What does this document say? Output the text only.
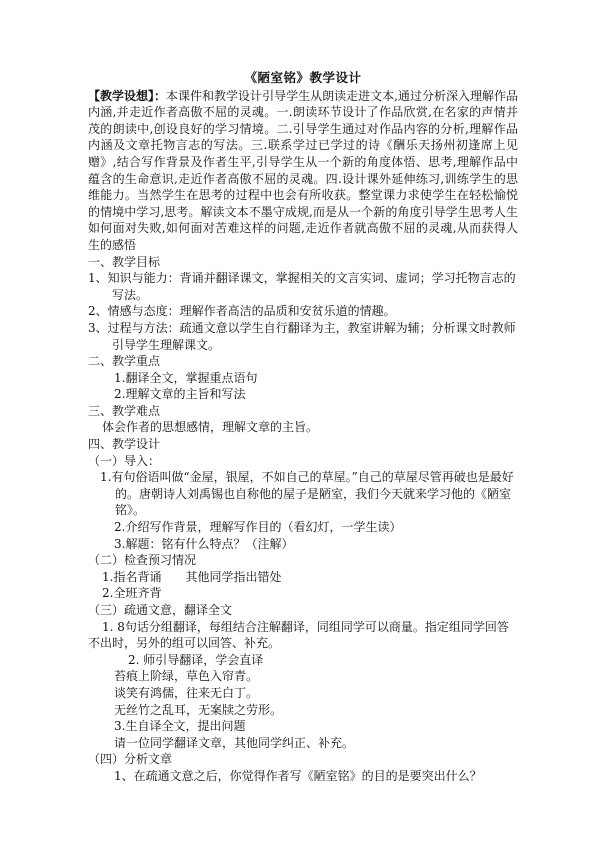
《陋室铭》教学设计
【教学设想】：本课件和教学设计引导学生从朗读走进文本,通过分析深入理解作品内涵,并走近作者高傲不屈的灵魂。一.朗读环节设计了作品欣赏,在名家的声情并茂的朗读中,创设良好的学习情境。二.引导学生通过对作品内容的分析,理解作品内涵及文章托物言志的写法。三.联系学过已学过的诗《酬乐天扬州初逢席上见赠》,结合写作背景及作者生平,引导学生从一个新的角度体悟、思考,理解作品中蕴含的生命意识,走近作者高傲不屈的灵魂。四.设计课外延伸练习,训练学生的思维能力。当然学生在思考的过程中也会有所收获。整堂课力求使学生在轻松愉悦的情境中学习,思考。解读文本不墨守成规,而是从一个新的角度引导学生思考人生如何面对失败,如何面对苦难这样的问题,走近作者就高傲不屈的灵魂,从而获得人生的感悟
一、教学目标
1、知识与能力：背诵并翻译课文，掌握相关的文言实词、虚词；学习托物言志的写法。
2、情感与态度：理解作者高洁的品质和安贫乐道的情趣。
3、过程与方法：疏通文意以学生自行翻译为主，教室讲解为辅；分析课文时教师引导学生理解课文。
二、教学重点
1.翻译全文，掌握重点语句
2.理解文章的主旨和写法
三、教学难点
体会作者的思想感情，理解文章的主旨。
四、教学设计
（一）导入：
1.有句俗语叫做“金屋，银屋，不如自己的草屋。”自己的草屋尽管再破也是最好的。唐朝诗人刘禹锡也自称他的屋子是陋室，我们今天就来学习他的《陋室铭》。
2.介绍写作背景，理解写作目的（看幻灯，一学生读）
3.解题：铭有什么特点？（注解）
（二）检查预习情况
1.指名背诵　　其他同学指出错处
2.全班齐背
（三）疏通文意，翻译全文
1. 8句话分组翻译，每组结合注解翻译，同组同学可以商量。指定组同学回答不出时，另外的组可以回答、补充。
2. 师引导翻译，学会直译
苔痕上阶绿，草色入帘青。
谈笑有鸿儒，往来无白丁。
无丝竹之乱耳，无案牍之劳形。
3.生自译全文，提出问题
请一位同学翻译文章，其他同学纠正、补充。
（四）分析文章
1、在疏通文意之后，你觉得作者写《陋室铭》的目的是要突出什么？
